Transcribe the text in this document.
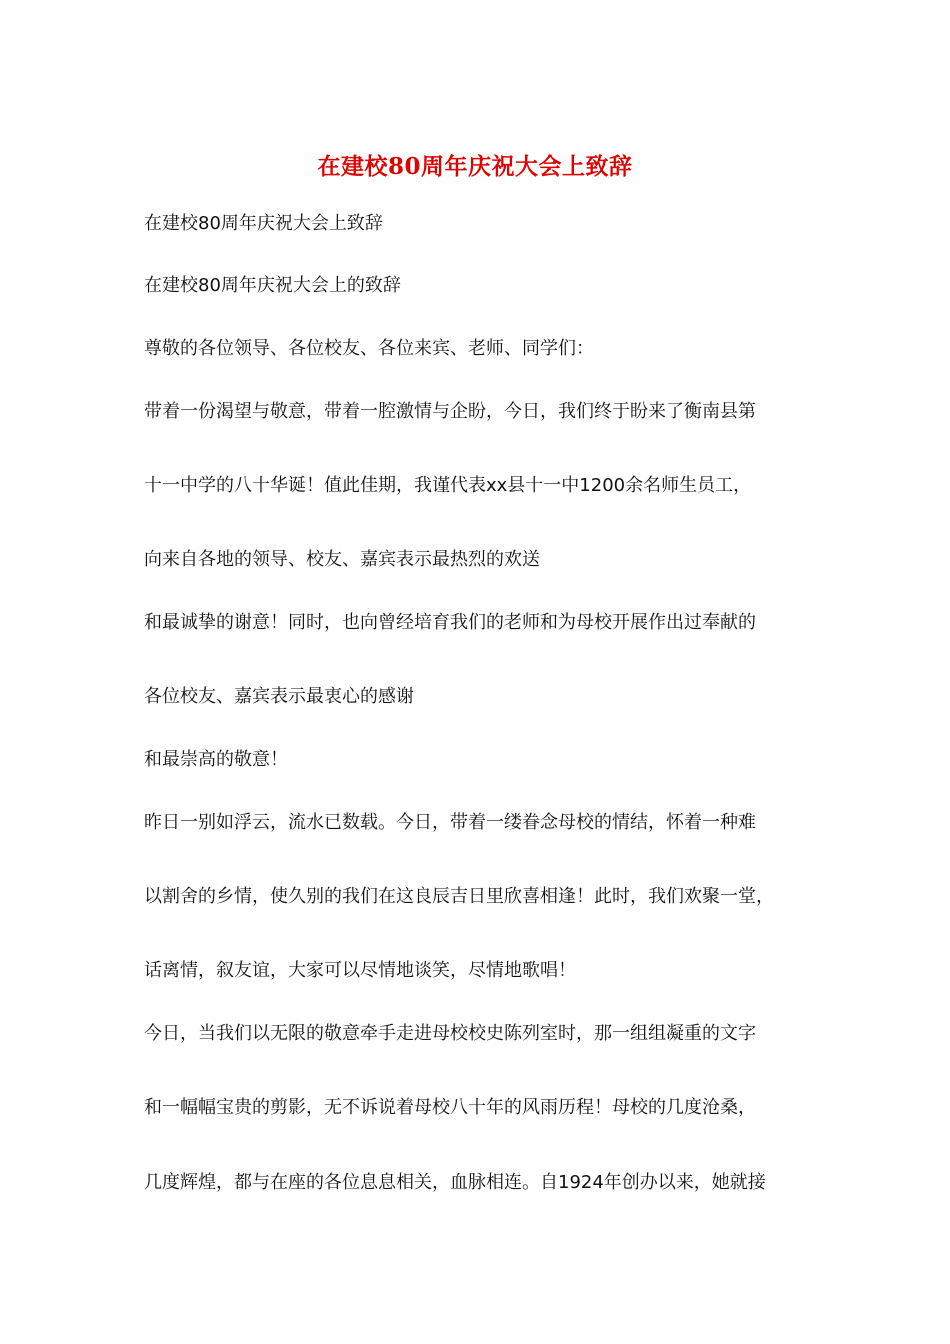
在建校80周年庆祝大会上致辞
在建校80周年庆祝大会上致辞
在建校80周年庆祝大会上的致辞
尊敬的各位领导、各位校友、各位来宾、老师、同学们：
带着一份渴望与敬意，带着一腔激情与企盼，今日，我们终于盼来了衡南县第
十一中学的八十华诞！值此佳期，我谨代表xx县十一中1200余名师生员工，
向来自各地的领导、校友、嘉宾表示最热烈的欢送
和最诚挚的谢意！同时，也向曾经培育我们的老师和为母校开展作出过奉献的
各位校友、嘉宾表示最衷心的感谢
和最崇高的敬意！
昨日一别如浮云，流水已数载。今日，带着一缕眷念母校的情结，怀着一种难
以割舍的乡情，使久别的我们在这良辰吉日里欣喜相逢！此时，我们欢聚一堂，
话离情，叙友谊，大家可以尽情地谈笑，尽情地歌唱！
今日，当我们以无限的敬意牵手走进母校校史陈列室时，那一组组凝重的文字
和一幅幅宝贵的剪影，无不诉说着母校八十年的风雨历程！母校的几度沧桑，
几度辉煌，都与在座的各位息息相关，血脉相连。自1924年创办以来，她就接
